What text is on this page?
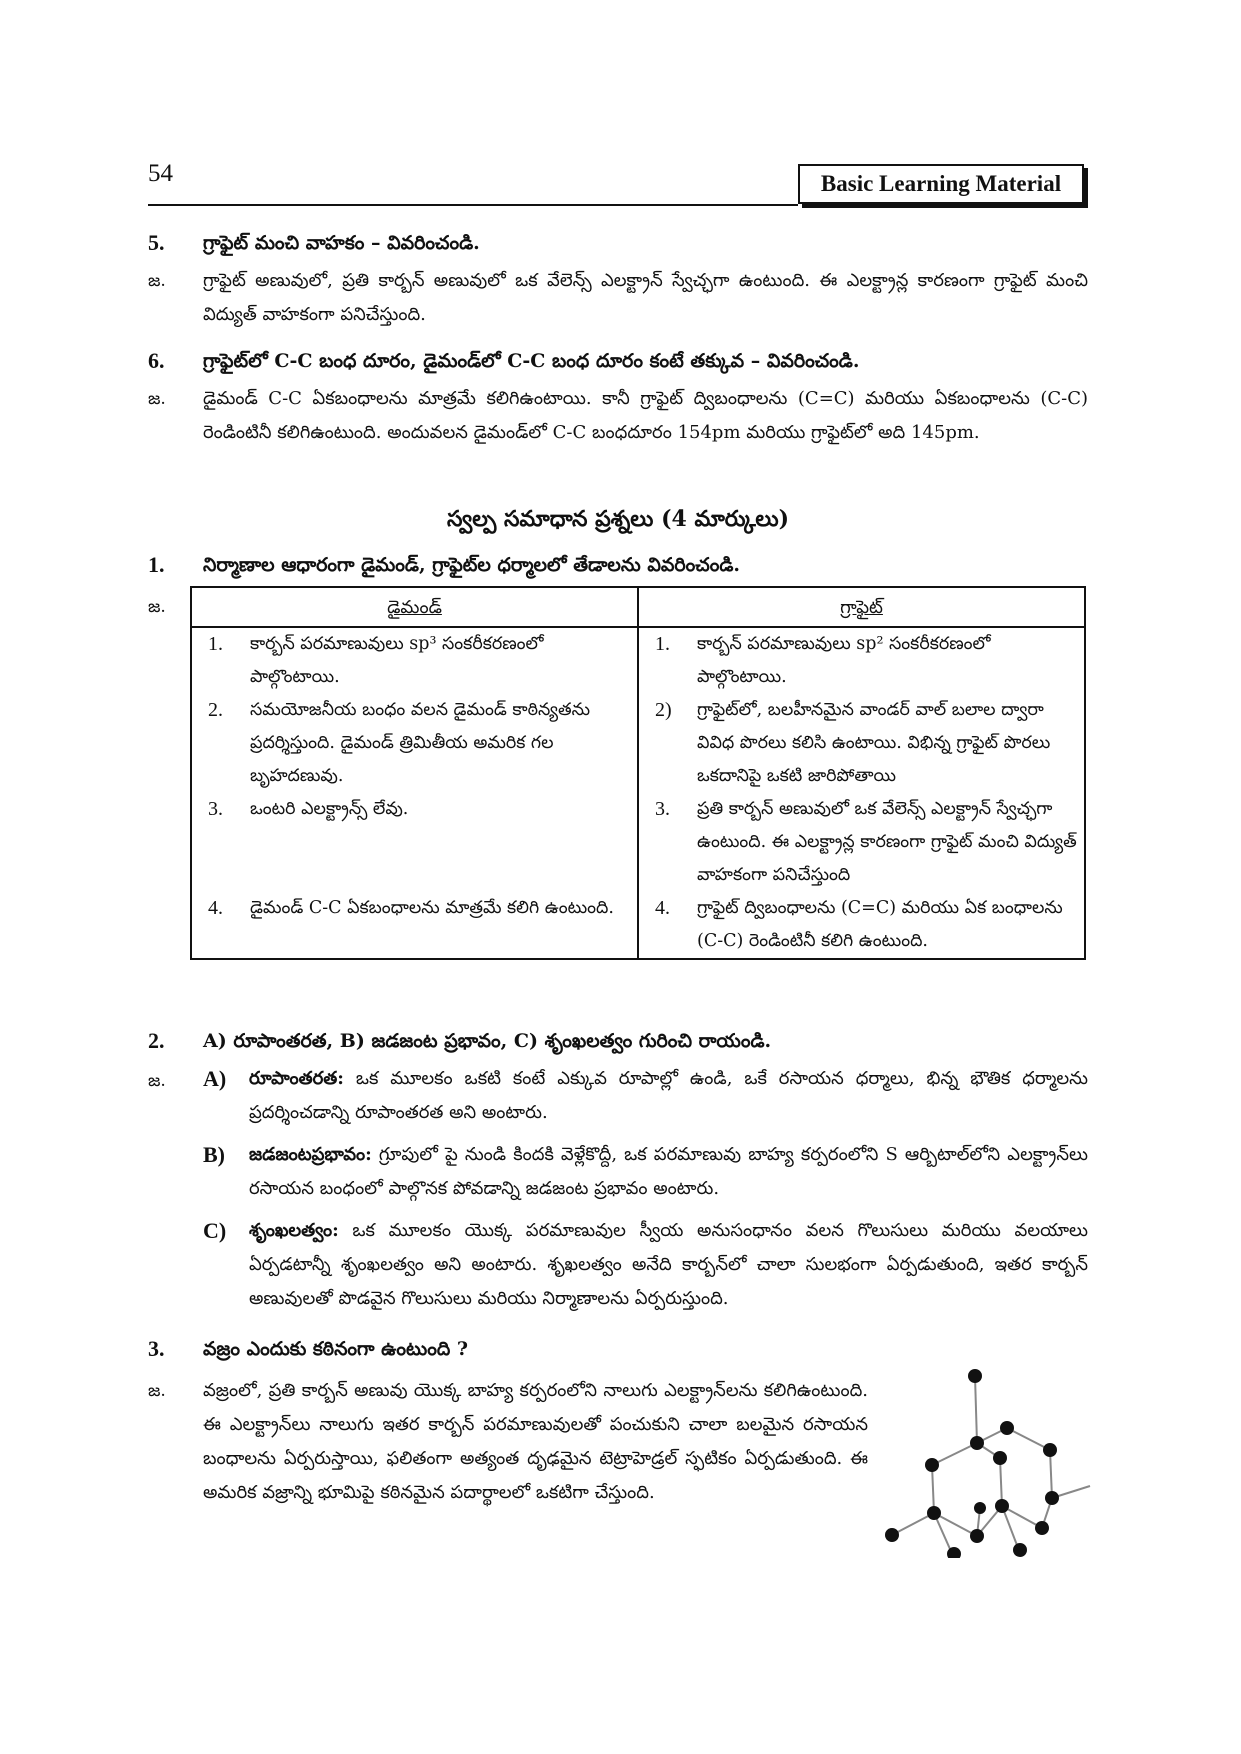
54	Basic Learning Material
5.	గ్రాఫైట్ మంచి వాహకం – వివరించండి.
జ.	గ్రాఫైట్ అణువులో, ప్రతి కార్బన్ అణువులో ఒక వేలెన్స్ ఎలక్ట్రాన్ స్వేచ్ఛగా ఉంటుంది. ఈ ఎలక్ట్రాన్ల కారణంగా గ్రాఫైట్ మంచి విద్యుత్ వాహకంగా పనిచేస్తుంది.
6.	గ్రాఫైట్‌లో C-C బంధ దూరం, డైమండ్‌లో C-C బంధ దూరం కంటే తక్కువ – వివరించండి.
జ.	డైమండ్ C-C ఏకబంధాలను మాత్రమే కలిగిఉంటాయి. కానీ గ్రాఫైట్ ద్విబంధాలను (C=C) మరియు ఏకబంధాలను (C-C) రెండింటినీ కలిగిఉంటుంది. అందువలన డైమండ్‌లో C-C బంధదూరం 154pm మరియు గ్రాఫైట్‌లో అది 145pm.
స్వల్ప సమాధాన ప్రశ్నలు (4 మార్కులు)
1.	నిర్మాణాల ఆధారంగా డైమండ్, గ్రాఫైట్‌ల ధర్మాలలో తేడాలను వివరించండి.
జ.	డైమండ్	గ్రాఫైట్

1. కార్బన్ పరమాణువులు sp³ సంకరీకరణంలో పాల్గొంటాయి.	1. కార్బన్ పరమాణువులు sp² సంకరీకరణంలో పాల్గొంటాయి.

2. సమయోజనీయ బంధం వలన డైమండ్ కాఠిన్యతను ప్రదర్శిస్తుంది. డైమండ్ త్రిమితీయ అమరిక గల బృహదణువు.	2) గ్రాఫైట్‌లో, బలహీనమైన వాండర్ వాల్ బలాల ద్వారా వివిధ పొరలు కలిసి ఉంటాయి. విభిన్న గ్రాఫైట్ పొరలు ఒకదానిపై ఒకటి జారిపోతాయి

3. ఒంటరి ఎలక్ట్రాన్స్ లేవు.	3. ప్రతి కార్బన్ అణువులో ఒక వేలెన్స్ ఎలక్ట్రాన్ స్వేచ్ఛగా ఉంటుంది. ఈ ఎలక్ట్రాన్ల కారణంగా గ్రాఫైట్ మంచి విద్యుత్ వాహకంగా పనిచేస్తుంది

4. డైమండ్ C-C ఏకబంధాలను మాత్రమే కలిగి ఉంటుంది.	4. గ్రాఫైట్ ద్విబంధాలను (C=C) మరియు ఏక బంధాలను (C-C) రెండింటినీ కలిగి ఉంటుంది.
2.	A) రూపాంతరత, B) జడజంట ప్రభావం, C) శృంఖలత్వం గురించి రాయండి.
జ.	A) రూపాంతరత: ఒక మూలకం ఒకటి కంటే ఎక్కువ రూపాల్లో ఉండి, ఒకే రసాయన ధర్మాలు, భిన్న భౌతిక ధర్మాలను ప్రదర్శించడాన్ని రూపాంతరత అని అంటారు.
B) జడజంటప్రభావం: గ్రూపులో పై నుండి కిందకి వెళ్లేకొద్దీ, ఒక పరమాణువు బాహ్య కర్పరంలోని S ఆర్బిటాల్‌లోని ఎలక్ట్రాన్‌లు రసాయన బంధంలో పాల్గొనక పోవడాన్ని జడజంట ప్రభావం అంటారు.
C) శృంఖలత్వం: ఒక మూలకం యొక్క పరమాణువుల స్వీయ అనుసంధానం వలన గొలుసులు మరియు వలయాలు ఏర్పడటాన్నీ శృంఖలత్వం అని అంటారు. శృఖలత్వం అనేది కార్బన్‌లో చాలా సులభంగా ఏర్పడుతుంది, ఇతర కార్బన్ అణువులతో పొడవైన గొలుసులు మరియు నిర్మాణాలను ఏర్పరుస్తుంది.
3.	వజ్రం ఎందుకు కఠినంగా ఉంటుంది ?
జ.	వజ్రంలో, ప్రతి కార్బన్ అణువు యొక్క బాహ్య కర్పరంలోని నాలుగు ఎలక్ట్రాన్‌లను కలిగిఉంటుంది. ఈ ఎలక్ట్రాన్‌లు నాలుగు ఇతర కార్బన్ పరమాణువులతో పంచుకుని చాలా బలమైన రసాయన బంధాలను ఏర్పరుస్తాయి, ఫలితంగా అత్యంత దృఢమైన టెట్రాహెడ్రల్ స్ఫటికం ఏర్పడుతుంది. ఈ అమరిక వజ్రాన్ని భూమిపై కఠినమైన పదార్థాలలో ఒకటిగా చేస్తుంది.
